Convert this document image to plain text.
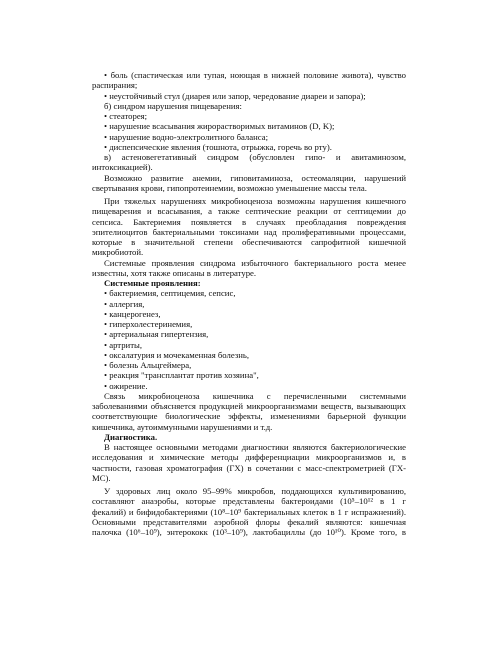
• боль (спастическая или тупая, ноющая в нижней половине живота), чувство
распирания;
• неустойчивый стул (диарея или запор, чередование диареи и запора);
б) синдром нарушения пищеварения:
• стеаторея;
• нарушение всасывания жирорастворимых витаминов (D, K);
• нарушение водно-электролитного баланса;
• диспепсические явления (тошнота, отрыжка, горечь во рту).
в) астеновегетативный синдром (обусловлен гипо- и авитаминозом,
интоксикацией).
Возможно развитие анемии, гиповитаминоза, остеомаляции, нарушений
свертывания крови, гипопротеинемии, возможно уменьшение массы тела.
При тяжелых нарушениях микробиоценоза возможны нарушения кишечного
пищеварения и всасывания, а также септические реакции от септицемии до
сепсиса. Бактериемия появляется в случаях преобладания повреждения
эпителиоцитов бактериальными токсинами над пролиферативными процессами,
которые в значительной степени обеспечиваются сапрофитной кишечной
микробиотой.
Системные проявления синдрома избыточного бактериального роста менее
известны, хотя также описаны в литературе.
Системные проявления:
• бактериемия, септицемия, сепсис,
• аллергия,
• канцерогенез,
• гиперхолестеринемия,
• артериальная гипертензия,
• артриты,
• оксалатурия и мочекаменная болезнь,
• болезнь Альцгеймера,
• реакция "трансплантат против хозяина",
• ожирение.
Связь микробиоценоза кишечника с перечисленными системными
заболеваниями объясняется продукцией микроорганизмами веществ, вызывающих
соответствующие биологические эффекты, изменениями барьерной функции
кишечника, аутоиммунными нарушениями и т.д.
Диагностика.
В настоящее основными методами диагностики являются бактериологические
исследования и химические методы дифференциации микроорганизмов и, в
частности, газовая хроматография (ГХ) в сочетании с масс-спектрометрией (ГХ-
МС).
У здоровых лиц около 95–99% микробов, поддающихся культивированию,
составляют анаэробы, которые представлены бактероидами (10⁵–10¹² в 1 г
фекалий) и бифидобактериями (10⁸–10⁹ бактериальных клеток в 1 г испражнений).
Основными представителями аэробной флоры фекалий являются: кишечная
палочка (10⁶–10⁹), энтерококк (10³–10⁹), лактобациллы (до 10¹⁰). Кроме того, в
